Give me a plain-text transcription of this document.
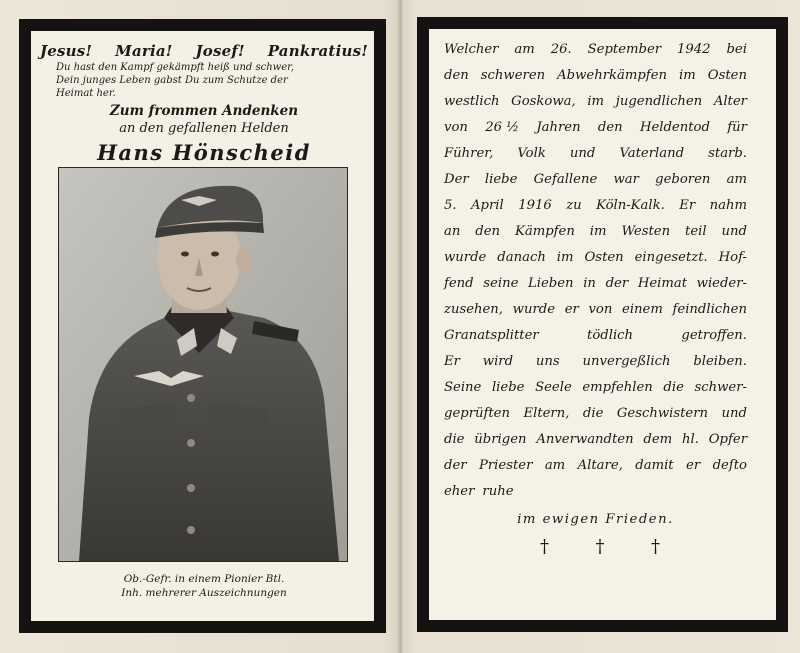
Jesus! Maria! Josef! Pankratius!
Du hast den Kampf gekämpft heiß und schwer,
Dein junges Leben gabst Du zum Schutze der
Heimat her.
Zum frommen Andenken
an den gefallenen Helden
Hans Hönscheid
Ob.-Gefr. in einem Pionier Btl.
Inh. mehrerer Auszeichnungen
Welcher am 26. September 1942 bei
den schweren Abwehrkämpfen im Osten
westlich Goskowa, im jugendlichen Alter
von 26 ½ Jahren den Heldentod für
Führer, Volk und Vaterland starb.
Der liebe Gefallene war geboren am
5. April 1916 zu Köln-Kalk. Er nahm
an den Kämpfen im Westen teil und
wurde danach im Osten eingesetzt. Hof-
fend seine Lieben in der Heimat wieder-
zusehen, wurde er von einem feindlichen
Granatsplitter	tödlich	getroffen.
Er wird uns unvergeßlich bleiben.
Seine liebe Seele empfehlen die schwer-
geprüften Eltern, die Geschwistern und
die übrigen Anverwandten dem hl. Opfer
der Priester am Altare, damit er deſto
eher ruhe
im ewigen Frieden.
†	†	†
